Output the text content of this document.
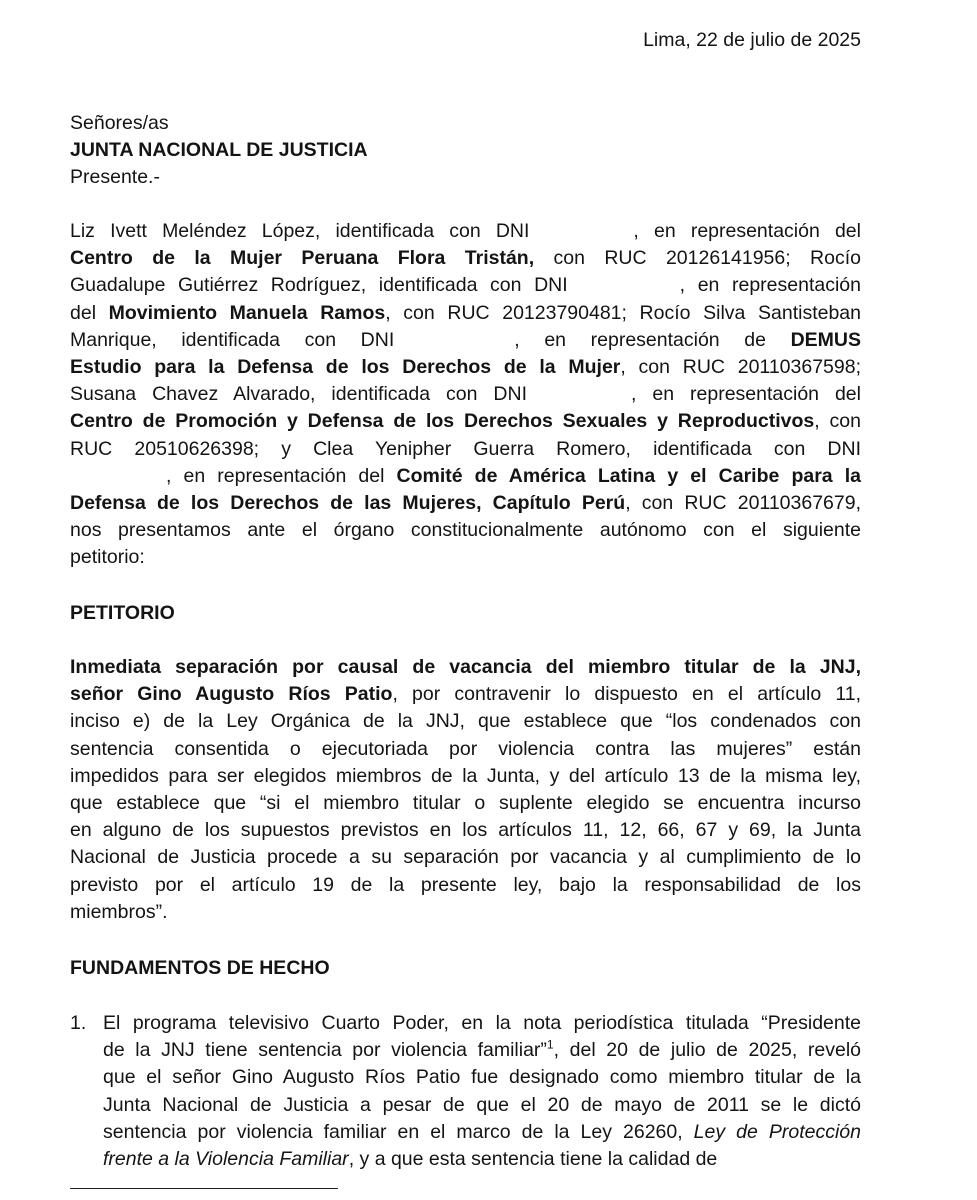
Lima, 22 de julio de 2025

Señores/as

JUNTA NACIONAL DE JUSTICIA

Presente.-

Liz Ivett Meléndez López, identificada con DNI	, en representación del
Centro de la Mujer Peruana Flora Tristán, con RUC 20126141956; Rocío
Guadalupe Gutiérrez Rodríguez, identificada con DNI	, en representación
del Movimiento Manuela Ramos, con RUC 20123790481; Rocío Silva Santisteban
Manrique, identificada con DNI	, en representación de DEMUS
Estudio para la Defensa de los Derechos de la Mujer, con RUC 20110367598;
Susana Chavez Alvarado, identificada con DNI	, en representación del
Centro de Promoción y Defensa de los Derechos Sexuales y Reproductivos, con
RUC 20510626398; y Clea Yenipher Guerra Romero, identificada con DNI
, en representación del Comité de América Latina y el Caribe para la
Defensa de los Derechos de las Mujeres, Capítulo Perú, con RUC 20110367679,
nos presentamos ante el órgano constitucionalmente autónomo con el siguiente
petitorio:
PETITORIO
Inmediata separación por causal de vacancia del miembro titular de la JNJ,
señor Gino Augusto Ríos Patio, por contravenir lo dispuesto en el artículo 11,
inciso e) de la Ley Orgánica de la JNJ, que establece que “los condenados con
sentencia consentida o ejecutoriada por violencia contra las mujeres” están
impedidos para ser elegidos miembros de la Junta, y del artículo 13 de la misma ley,
que establece que “si el miembro titular o suplente elegido se encuentra incurso
en alguno de los supuestos previstos en los artículos 11, 12, 66, 67 y 69, la Junta
Nacional de Justicia procede a su separación por vacancia y al cumplimiento de lo
previsto por el artículo 19 de la presente ley, bajo la responsabilidad de los
miembros”.
FUNDAMENTOS DE HECHO
1. El programa televisivo Cuarto Poder, en la nota periodística titulada “Presidente
de la JNJ tiene sentencia por violencia familiar”$^1$, del 20 de julio de 2025, reveló
que el señor Gino Augusto Ríos Patio fue designado como miembro titular de la
Junta Nacional de Justicia a pesar de que el 20 de mayo de 2011 se le dictó
sentencia por violencia familiar en el marco de la Ley 26260, Ley de Protección
frente a la Violencia Familiar, y a que esta sentencia tiene la calidad de
